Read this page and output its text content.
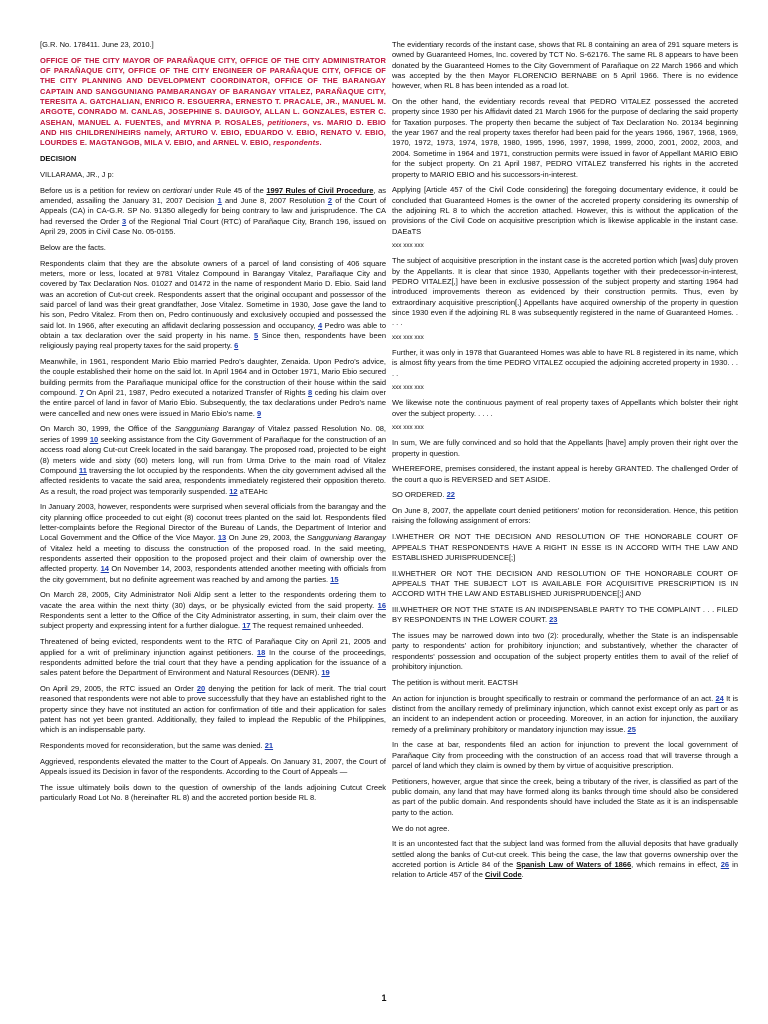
[G.R. No. 178411. June 23, 2010.]

OFFICE OF THE CITY MAYOR OF PARAÑAQUE CITY, OFFICE OF THE CITY ADMINISTRATOR OF PARAÑAQUE CITY, OFFICE OF THE CITY ENGINEER OF PARAÑAQUE CITY, OFFICE OF THE CITY PLANNING AND DEVELOPMENT COORDINATOR, OFFICE OF THE BARANGAY CAPTAIN AND SANGGUNIANG PAMBARANGAY OF BARANGAY VITALEZ, PARAÑAQUE CITY, TERESITA A. GATCHALIAN, ENRICO R. ESGUERRA, ERNESTO T. PRACALE, JR., MANUEL M. ARGOTE, CONRADO M. CANLAS, JOSEPHINE S. DAUIGOY, ALLAN L. GONZALES, ESTER C. ASEHAN, MANUEL A. FUENTES, and MYRNA P. ROSALES, petitioners, vs. MARIO D. EBIO AND HIS CHILDREN/HEIRS namely, ARTURO V. EBIO, EDUARDO V. EBIO, RENATO V. EBIO, LOURDES E. MAGTANGOB, MILA V. EBIO, and ARNEL V. EBIO, respondents.

DECISION

VILLARAMA, JR., J p:

Before us is a petition for review on certiorari under Rule 45 of the 1997 Rules of Civil Procedure, as amended, assailing the January 31, 2007 Decision 1 and June 8, 2007 Resolution 2 of the Court of Appeals (CA) in CA-G.R. SP No. 91350 allegedly for being contrary to law and jurisprudence. The CA had reversed the Order 3 of the Regional Trial Court (RTC) of Parañaque City, Branch 196, issued on April 29, 2005 in Civil Case No. 05-0155.

Below are the facts.

Respondents claim that they are the absolute owners of a parcel of land consisting of 406 square meters, more or less, located at 9781 Vitalez Compound in Barangay Vitalez, Parañaque City and covered by Tax Declaration Nos. 01027 and 01472 in the name of respondent Mario D. Ebio. Said land was an accretion of Cut-cut creek. Respondents assert that the original occupant and possessor of the said parcel of land was their great grandfather, Jose Vitalez. Sometime in 1930, Jose gave the land to his son, Pedro Vitalez. From then on, Pedro continuously and exclusively occupied and possessed the said lot. In 1966, after executing an affidavit declaring possession and occupancy, 4 Pedro was able to obtain a tax declaration over the said property in his name. 5 Since then, respondents have been religiously paying real property taxes for the said property. 6

Meanwhile, in 1961, respondent Mario Ebio married Pedro's daughter, Zenaida. Upon Pedro's advice, the couple established their home on the said lot. In April 1964 and in October 1971, Mario Ebio secured building permits from the Parañaque municipal office for the construction of their house within the said compound. 7 On April 21, 1987, Pedro executed a notarized Transfer of Rights 8 ceding his claim over the entire parcel of land in favor of Mario Ebio. Subsequently, the tax declarations under Pedro's name were cancelled and new ones were issued in Mario Ebio's name. 9

On March 30, 1999, the Office of the Sangguniang Barangay of Vitalez passed Resolution No. 08, series of 1999 10 seeking assistance from the City Government of Parañaque for the construction of an access road along Cut-cut Creek located in the said barangay. The proposed road, projected to be eight (8) meters wide and sixty (60) meters long, will run from Urma Drive to the main road of Vitalez Compound 11 traversing the lot occupied by the respondents. When the city government advised all the affected residents to vacate the said area, respondents immediately registered their opposition thereto. As a result, the road project was temporarily suspended. 12 aTEAHc

In January 2003, however, respondents were surprised when several officials from the barangay and the city planning office proceeded to cut eight (8) coconut trees planted on the said lot. Respondents filed letter-complaints before the Regional Director of the Bureau of Lands, the Department of Interior and Local Government and the Office of the Vice Mayor. 13 On June 29, 2003, the Sangguniang Barangay of Vitalez held a meeting to discuss the construction of the proposed road. In the said meeting, respondents asserted their opposition to the proposed project and their claim of ownership over the affected property. 14 On November 14, 2003, respondents attended another meeting with officials from the city government, but no definite agreement was reached by and among the parties. 15

On March 28, 2005, City Administrator Noli Aldip sent a letter to the respondents ordering them to vacate the area within the next thirty (30) days, or be physically evicted from the said property. 16 Respondents sent a letter to the Office of the City Administrator asserting, in sum, their claim over the subject property and expressing intent for a further dialogue. 17 The request remained unheeded.

Threatened of being evicted, respondents went to the RTC of Parañaque City on April 21, 2005 and applied for a writ of preliminary injunction against petitioners. 18 In the course of the proceedings, respondents admitted before the trial court that they have a pending application for the issuance of a sales patent before the Department of Environment and Natural Resources (DENR). 19

On April 29, 2005, the RTC issued an Order 20 denying the petition for lack of merit. The trial court reasoned that respondents were not able to prove successfully that they have an established right to the property since they have not instituted an action for confirmation of title and their application for sales patent has not yet been granted. Additionally, they failed to implead the Republic of the Philippines, which is an indispensable party.

Respondents moved for reconsideration, but the same was denied. 21

Aggrieved, respondents elevated the matter to the Court of Appeals. On January 31, 2007, the Court of Appeals issued its Decision in favor of the respondents. According to the Court of Appeals —

The issue ultimately boils down to the question of ownership of the lands adjoining Cutcut Creek particularly Road Lot No. 8 (hereinafter RL 8) and the accreted portion beside RL 8.

The evidentiary records of the instant case, shows that RL 8 containing an area of 291 square meters is owned by Guaranteed Homes, Inc. covered by TCT No. S-62176. The same RL 8 appears to have been donated by the Guaranteed Homes to the City Government of Parañaque on 22 March 1966 and which was accepted by the then Mayor FLORENCIO BERNABE on 5 April 1966. There is no evidence however, when RL 8 has been intended as a road lot.

On the other hand, the evidentiary records reveal that PEDRO VITALEZ possessed the accreted property since 1930 per his Affidavit dated 21 March 1966 for the purpose of declaring the said property for Taxation purposes. The property then became the subject of Tax Declaration No. 20134 beginning the year 1967 and the real property taxes therefor had been paid for the years 1966, 1967, 1968, 1969, 1970, 1972, 1973, 1974, 1978, 1980, 1995, 1996, 1997, 1998, 1999, 2000, 2001, 2002, 2003, and 2004. Sometime in 1964 and 1971, construction permits were issued in favor of Appellant MARIO EBIO for the subject property. On 21 April 1987, PEDRO VITALEZ transferred his rights in the accreted property to MARIO EBIO and his successors-in-interest.

Applying [Article 457 of the Civil Code considering] the foregoing documentary evidence, it could be concluded that Guaranteed Homes is the owner of the accreted property considering its ownership of the adjoining RL 8 to which the accretion attached. However, this is without the application of the provisions of the Civil Code on acquisitive prescription which is likewise applicable in the instant case. DAEaTS

xxx xxx xxx

The subject of acquisitive prescription in the instant case is the accreted portion which [was] duly proven by the Appellants. It is clear that since 1930, Appellants together with their predecessor-in-interest, PEDRO VITALEZ[,] have been in exclusive possession of the subject property and starting 1964 had introduced improvements thereon as evidenced by their construction permits. Thus, even by extraordinary acquisitive prescription[,] Appellants have acquired ownership of the property in question since 1930 even if the adjoining RL 8 was subsequently registered in the name of Guaranteed Homes. . . . .

xxx xxx xxx

Further, it was only in 1978 that Guaranteed Homes was able to have RL 8 registered in its name, which is almost fifty years from the time PEDRO VITALEZ occupied the adjoining accreted property in 1930. . . . .

xxx xxx xxx

We likewise note the continuous payment of real property taxes of Appellants which bolster their right over the subject property. . . . .

xxx xxx xxx

In sum, We are fully convinced and so hold that the Appellants [have] amply proven their right over the property in question.

WHEREFORE, premises considered, the instant appeal is hereby GRANTED. The challenged Order of the court a quo is REVERSED and SET ASIDE.

SO ORDERED. 22

On June 8, 2007, the appellate court denied petitioners' motion for reconsideration. Hence, this petition raising the following assignment of errors:

I.WHETHER OR NOT THE DECISION AND RESOLUTION OF THE HONORABLE COURT OF APPEALS THAT RESPONDENTS HAVE A RIGHT IN ESSE IS IN ACCORD WITH THE LAW AND ESTABLISHED JURISPRUDENCE[;]

II.WHETHER OR NOT THE DECISION AND RESOLUTION OF THE HONORABLE COURT OF APPEALS THAT THE SUBJECT LOT IS AVAILABLE FOR ACQUISITIVE PRESCRIPTION IS IN ACCORD WITH THE LAW AND ESTABLISHED JURISPRUDENCE[;] AND

III.WHETHER OR NOT THE STATE IS AN INDISPENSABLE PARTY TO THE COMPLAINT . . . FILED BY RESPONDENTS IN THE LOWER COURT. 23

The issues may be narrowed down into two (2): procedurally, whether the State is an indispensable party to respondents' action for prohibitory injunction; and substantively, whether the character of respondents' possession and occupation of the subject property entitles them to avail of the relief of prohibitory injunction.

The petition is without merit. EACTSH

An action for injunction is brought specifically to restrain or command the performance of an act. 24 It is distinct from the ancillary remedy of preliminary injunction, which cannot exist except only as part or as an incident to an independent action or proceeding. Moreover, in an action for injunction, the auxiliary remedy of a preliminary prohibitory or mandatory injunction may issue. 25

In the case at bar, respondents filed an action for injunction to prevent the local government of Parañaque City from proceeding with the construction of an access road that will traverse through a parcel of land which they claim is owned by them by virtue of acquisitive prescription.

Petitioners, however, argue that since the creek, being a tributary of the river, is classified as part of the public domain, any land that may have formed along its banks through time should also be considered as part of the public domain. And respondents should have included the State as it is an indispensable party to the action.

We do not agree.

It is an uncontested fact that the subject land was formed from the alluvial deposits that have gradually settled along the banks of Cut-cut creek. This being the case, the law that governs ownership over the accreted portion is Article 84 of the Spanish Law of Waters of 1866, which remains in effect, 26 in relation to Article 457 of the Civil Code.

1
